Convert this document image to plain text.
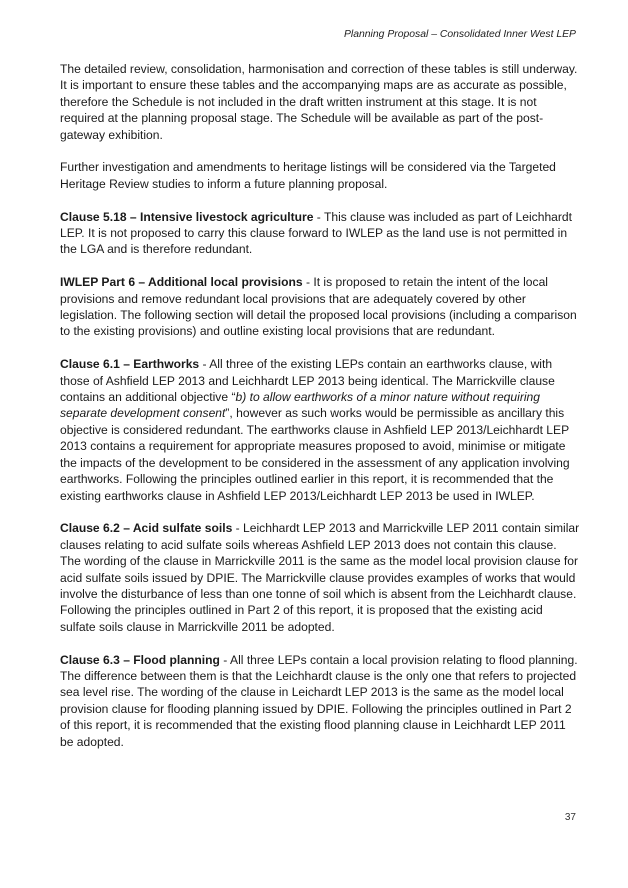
Planning Proposal – Consolidated Inner West LEP

The detailed review, consolidation, harmonisation and correction of these tables is still underway. It is important to ensure these tables and the accompanying maps are as accurate as possible, therefore the Schedule is not included in the draft written instrument at this stage. It is not required at the planning proposal stage. The Schedule will be available as part of the post-gateway exhibition.

Further investigation and amendments to heritage listings will be considered via the Targeted Heritage Review studies to inform a future planning proposal.

Clause 5.18 – Intensive livestock agriculture - This clause was included as part of Leichhardt LEP. It is not proposed to carry this clause forward to IWLEP as the land use is not permitted in the LGA and is therefore redundant.

IWLEP Part 6 – Additional local provisions - It is proposed to retain the intent of the local provisions and remove redundant local provisions that are adequately covered by other legislation. The following section will detail the proposed local provisions (including a comparison to the existing provisions) and outline existing local provisions that are redundant.

Clause 6.1 – Earthworks - All three of the existing LEPs contain an earthworks clause, with those of Ashfield LEP 2013 and Leichhardt LEP 2013 being identical. The Marrickville clause contains an additional objective “b) to allow earthworks of a minor nature without requiring separate development consent”, however as such works would be permissible as ancillary this objective is considered redundant. The earthworks clause in Ashfield LEP 2013/Leichhardt LEP 2013 contains a requirement for appropriate measures proposed to avoid, minimise or mitigate the impacts of the development to be considered in the assessment of any application involving earthworks. Following the principles outlined earlier in this report, it is recommended that the existing earthworks clause in Ashfield LEP 2013/Leichhardt LEP 2013 be used in IWLEP.

Clause 6.2 – Acid sulfate soils - Leichhardt LEP 2013 and Marrickville LEP 2011 contain similar clauses relating to acid sulfate soils whereas Ashfield LEP 2013 does not contain this clause. The wording of the clause in Marrickville 2011 is the same as the model local provision clause for acid sulfate soils issued by DPIE. The Marrickville clause provides examples of works that would involve the disturbance of less than one tonne of soil which is absent from the Leichhardt clause. Following the principles outlined in Part 2 of this report, it is proposed that the existing acid sulfate soils clause in Marrickville 2011 be adopted.

Clause 6.3 – Flood planning - All three LEPs contain a local provision relating to flood planning. The difference between them is that the Leichhardt clause is the only one that refers to projected sea level rise. The wording of the clause in Leichardt LEP 2013 is the same as the model local provision clause for flooding planning issued by DPIE. Following the principles outlined in Part 2 of this report, it is recommended that the existing flood planning clause in Leichhardt LEP 2011 be adopted.

37
